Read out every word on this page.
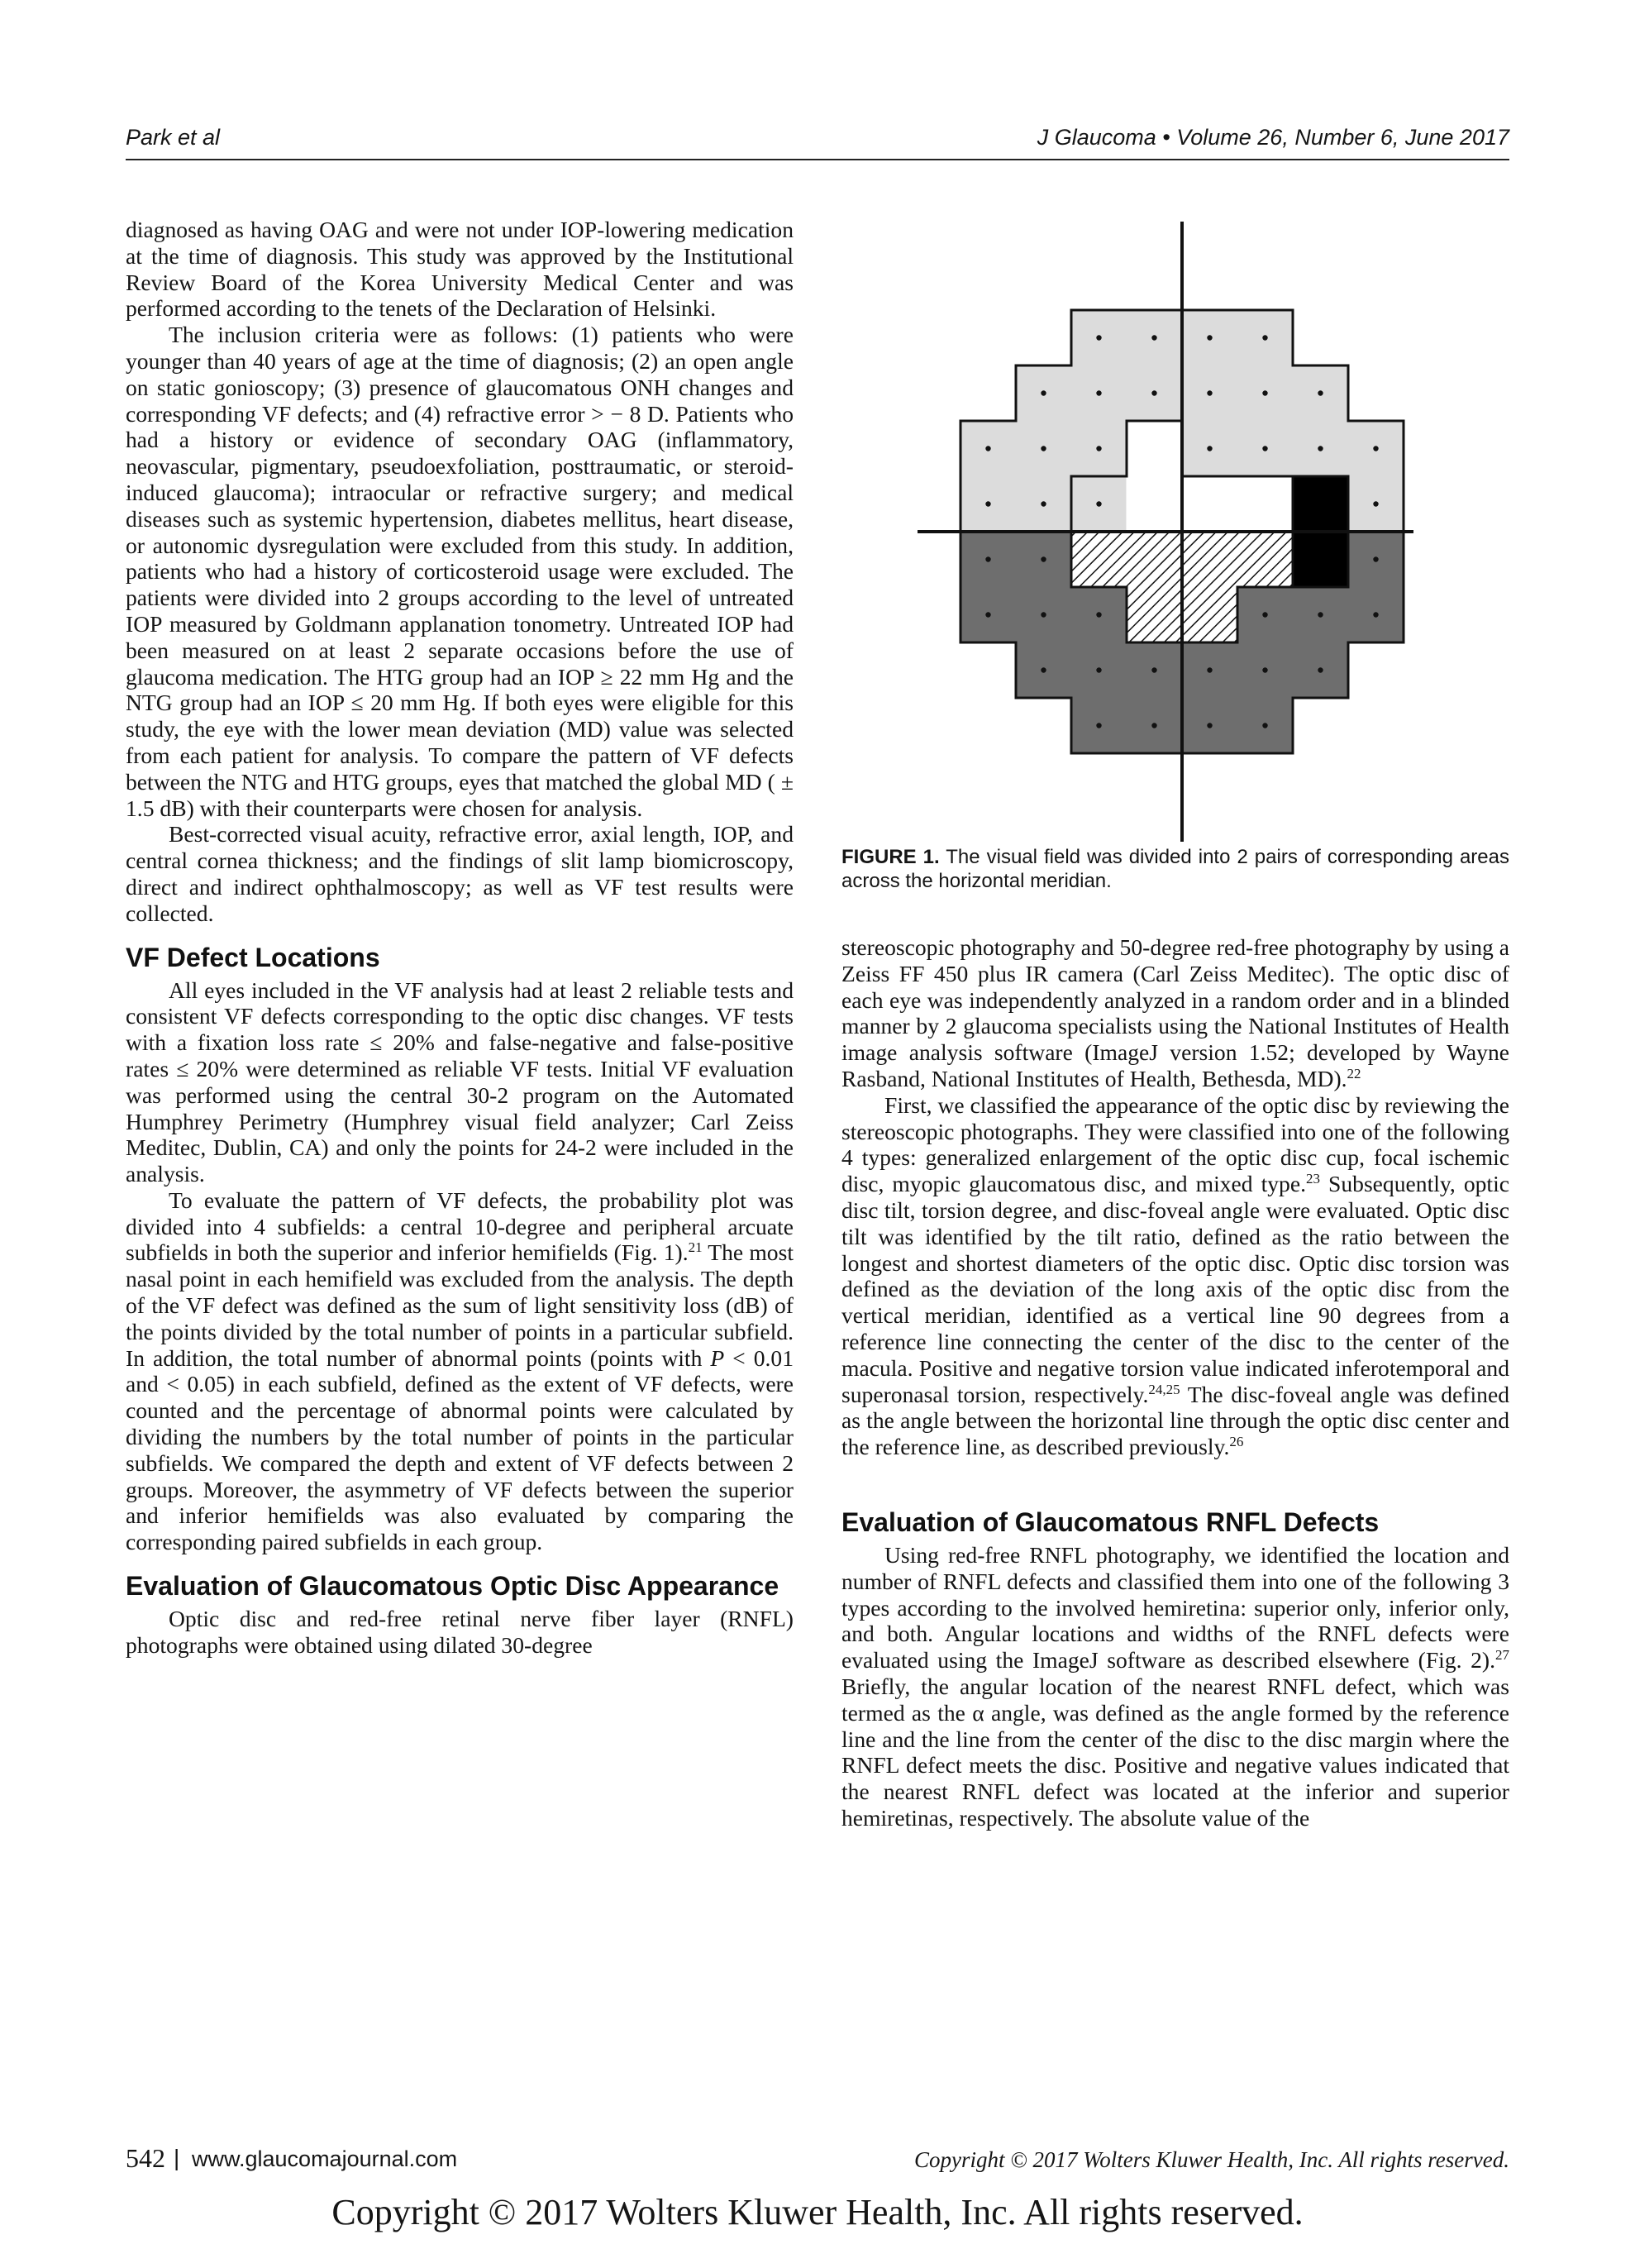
Park et al	J Glaucoma • Volume 26, Number 6, June 2017

diagnosed as having OAG and were not under IOP-lowering medication at the time of diagnosis. This study was approved by the Institutional Review Board of the Korea University Medical Center and was performed according to the tenets of the Declaration of Helsinki.

The inclusion criteria were as follows: (1) patients who were younger than 40 years of age at the time of diagnosis; (2) an open angle on static gonioscopy; (3) presence of glaucomatous ONH changes and corresponding VF defects; and (4) refractive error > − 8 D. Patients who had a history or evidence of secondary OAG (inflammatory, neovascular, pigmentary, pseudoexfoliation, posttraumatic, or steroid-induced glaucoma); intraocular or refractive surgery; and medical diseases such as systemic hypertension, diabetes mellitus, heart disease, or autonomic dysregulation were excluded from this study. In addition, patients who had a history of corticosteroid usage were excluded. The patients were divided into 2 groups according to the level of untreated IOP measured by Goldmann applanation tonometry. Untreated IOP had been measured on at least 2 separate occasions before the use of glaucoma medication. The HTG group had an IOP ≥ 22 mm Hg and the NTG group had an IOP ≤ 20 mm Hg. If both eyes were eligible for this study, the eye with the lower mean deviation (MD) value was selected from each patient for analysis. To compare the pattern of VF defects between the NTG and HTG groups, eyes that matched the global MD ( ± 1.5 dB) with their counterparts were chosen for analysis.

Best-corrected visual acuity, refractive error, axial length, IOP, and central cornea thickness; and the findings of slit lamp biomicroscopy, direct and indirect ophthalmoscopy; as well as VF test results were collected.

VF Defect Locations

All eyes included in the VF analysis had at least 2 reliable tests and consistent VF defects corresponding to the optic disc changes. VF tests with a fixation loss rate ≤ 20% and false-negative and false-positive rates ≤ 20% were determined as reliable VF tests. Initial VF evaluation was performed using the central 30-2 program on the Automated Humphrey Perimetry (Humphrey visual field analyzer; Carl Zeiss Meditec, Dublin, CA) and only the points for 24-2 were included in the analysis.

To evaluate the pattern of VF defects, the probability plot was divided into 4 subfields: a central 10-degree and peripheral arcuate subfields in both the superior and inferior hemifields (Fig. 1).$^{21}$ The most nasal point in each hemifield was excluded from the analysis. The depth of the VF defect was defined as the sum of light sensitivity loss (dB) of the points divided by the total number of points in a particular subfield. In addition, the total number of abnormal points (points with P < 0.01 and < 0.05) in each subfield, defined as the extent of VF defects, were counted and the percentage of abnormal points were calculated by dividing the numbers by the total number of points in the particular subfields. We compared the depth and extent of VF defects between 2 groups. Moreover, the asymmetry of VF defects between the superior and inferior hemifields was also evaluated by comparing the corresponding paired subfields in each group.

Evaluation of Glaucomatous Optic Disc Appearance

Optic disc and red-free retinal nerve fiber layer (RNFL) photographs were obtained using dilated 30-degree

FIGURE 1. The visual field was divided into 2 pairs of corresponding areas across the horizontal meridian.

stereoscopic photography and 50-degree red-free photography by using a Zeiss FF 450 plus IR camera (Carl Zeiss Meditec). The optic disc of each eye was independently analyzed in a random order and in a blinded manner by 2 glaucoma specialists using the National Institutes of Health image analysis software (ImageJ version 1.52; developed by Wayne Rasband, National Institutes of Health, Bethesda, MD).$^{22}$

First, we classified the appearance of the optic disc by reviewing the stereoscopic photographs. They were classified into one of the following 4 types: generalized enlargement of the optic disc cup, focal ischemic disc, myopic glaucomatous disc, and mixed type.$^{23}$ Subsequently, optic disc tilt, torsion degree, and disc-foveal angle were evaluated. Optic disc tilt was identified by the tilt ratio, defined as the ratio between the longest and shortest diameters of the optic disc. Optic disc torsion was defined as the deviation of the long axis of the optic disc from the vertical meridian, identified as a vertical line 90 degrees from a reference line connecting the center of the disc to the center of the macula. Positive and negative torsion value indicated inferotemporal and superonasal torsion, respectively.$^{24,25}$ The disc-foveal angle was defined as the angle between the horizontal line through the optic disc center and the reference line, as described previously.$^{26}$

Evaluation of Glaucomatous RNFL Defects

Using red-free RNFL photography, we identified the location and number of RNFL defects and classified them into one of the following 3 types according to the involved hemiretina: superior only, inferior only, and both. Angular locations and widths of the RNFL defects were evaluated using the ImageJ software as described elsewhere (Fig. 2).$^{27}$ Briefly, the angular location of the nearest RNFL defect, which was termed as the α angle, was defined as the angle formed by the reference line and the line from the center of the disc to the disc margin where the RNFL defect meets the disc. Positive and negative values indicated that the nearest RNFL defect was located at the inferior and superior hemiretinas, respectively. The absolute value of the

542 | www.glaucomajournal.com	Copyright © 2017 Wolters Kluwer Health, Inc. All rights reserved.
Copyright © 2017 Wolters Kluwer Health, Inc. All rights reserved.
